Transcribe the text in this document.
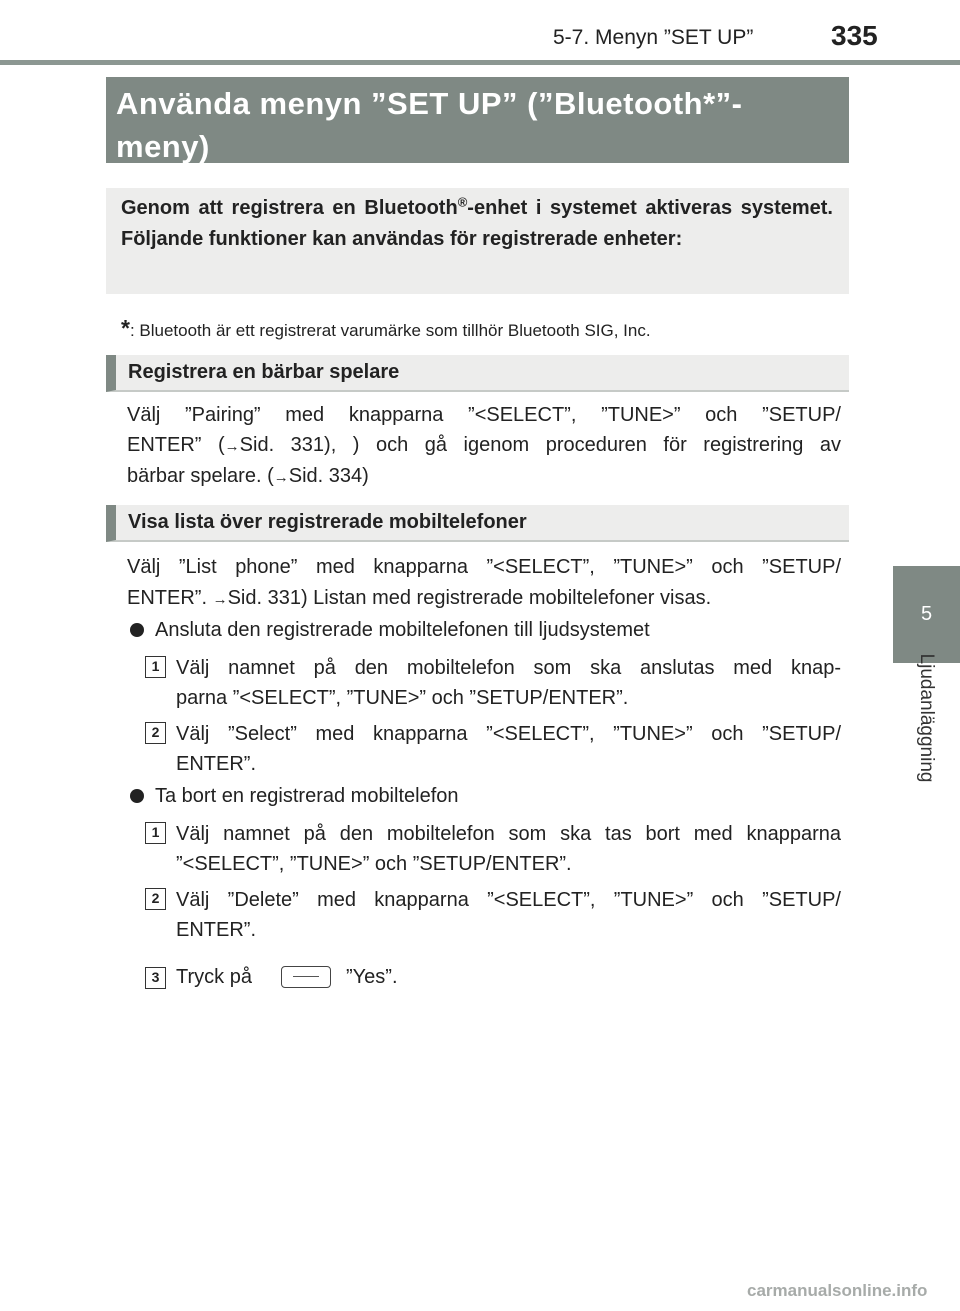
5-7. Menyn ”SET UP”	335
5
Ljudanläggning
Använda menyn ”SET UP” (”Bluetooth*”-meny)
Genom att registrera en Bluetooth®-enhet i systemet aktiveras systemet. Följande funktioner kan användas för registrerade enheter:
*: Bluetooth är ett registrerat varumärke som tillhör Bluetooth SIG, Inc.
Registrera en bärbar spelare
Välj ”Pairing” med knapparna ”<SELECT”, ”TUNE>” och ”SETUP/
ENTER” (→Sid. 331), ) och gå igenom proceduren för registrering av
bärbar spelare. (→Sid. 334)
Visa lista över registrerade mobiltelefoner
Välj ”List phone” med knapparna ”<SELECT”, ”TUNE>” och ”SETUP/
ENTER”. →Sid. 331) Listan med registrerade mobiltelefoner visas.
Ansluta den registrerade mobiltelefonen till ljudsystemet
1 Välj namnet på den mobiltelefon som ska anslutas med knap-
parna ”<SELECT”, ”TUNE>” och ”SETUP/ENTER”.
2 Välj ”Select” med knapparna ”<SELECT”, ”TUNE>” och ”SETUP/
ENTER”.
Ta bort en registrerad mobiltelefon
1 Välj namnet på den mobiltelefon som ska tas bort med knapparna
”<SELECT”, ”TUNE>” och ”SETUP/ENTER”.
2 Välj ”Delete” med knapparna ”<SELECT”, ”TUNE>” och ”SETUP/
ENTER”.
3 Tryck på	”Yes”.
carmanualsonline.info
